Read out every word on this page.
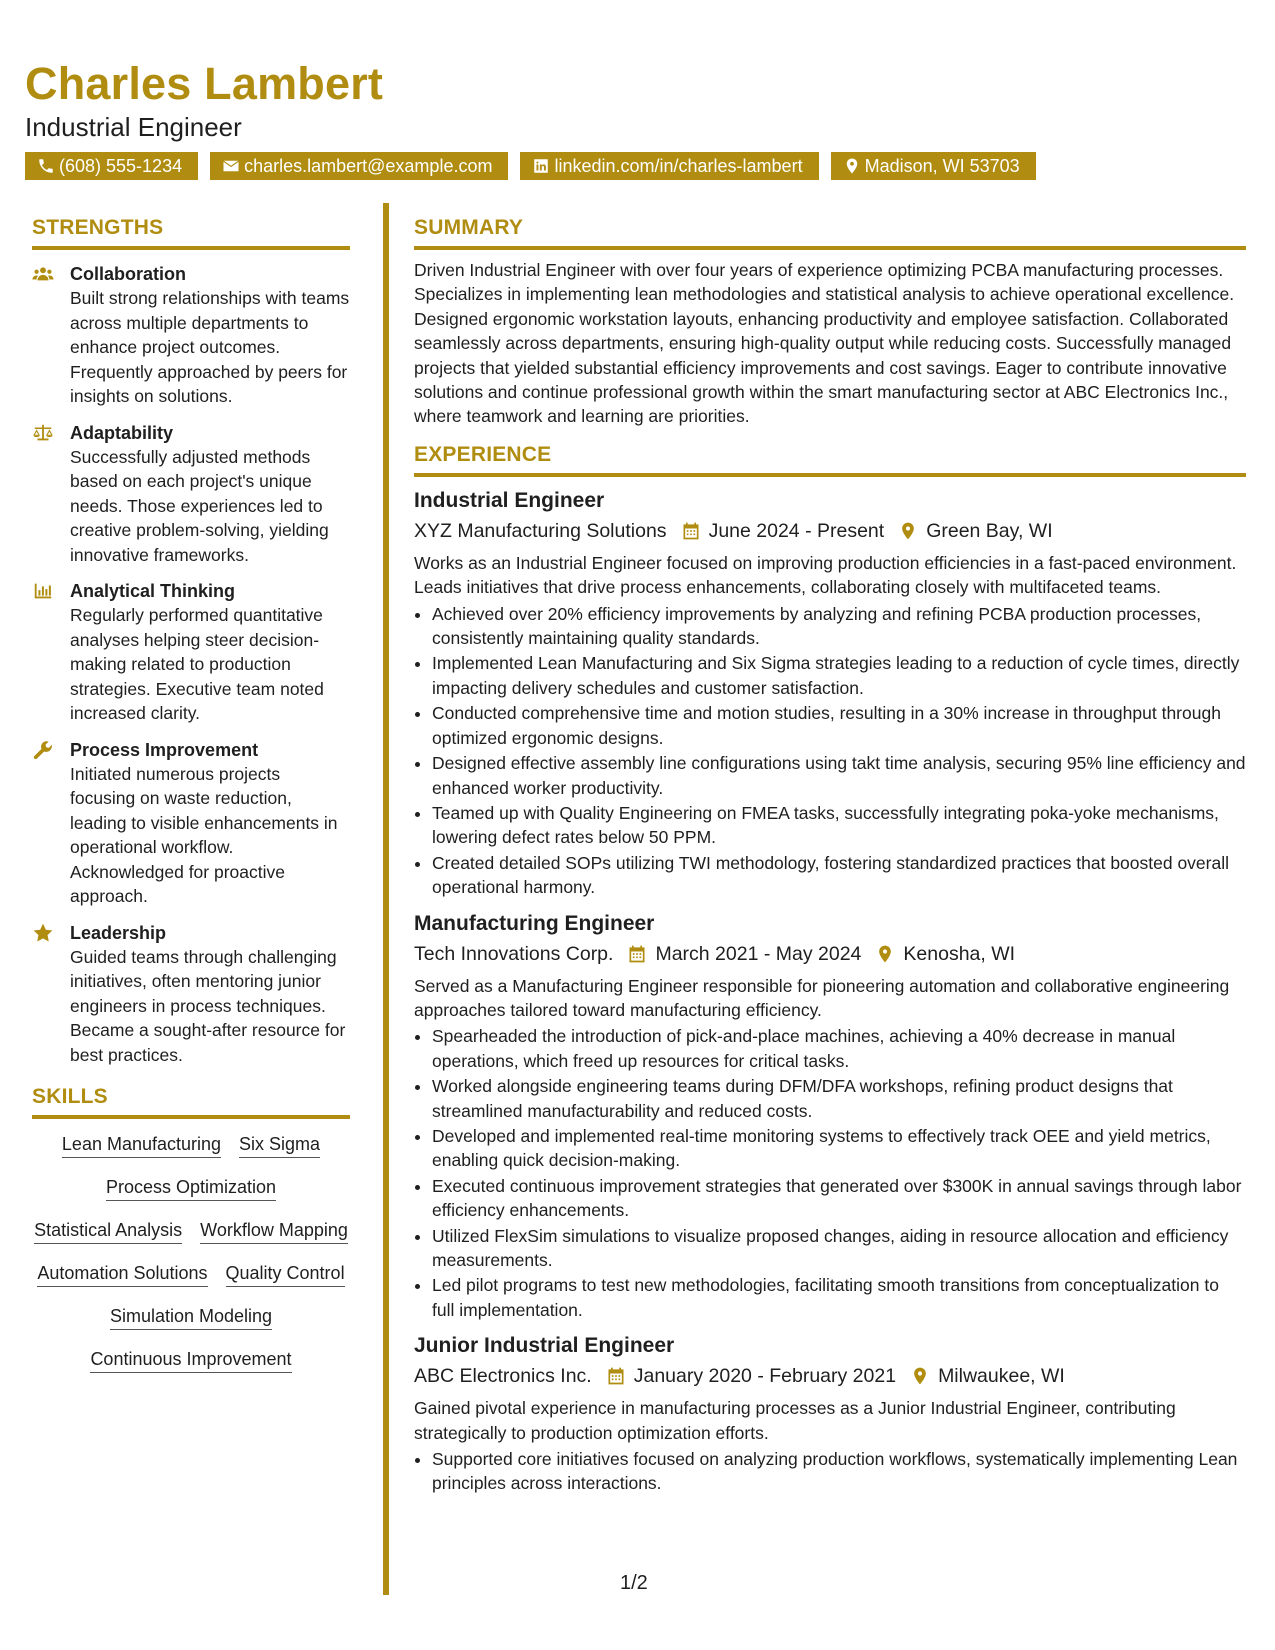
Charles Lambert
Industrial Engineer
(608) 555-1234	charles.lambert@example.com	linkedin.com/in/charles-lambert	Madison, WI 53703
STRENGTHS
Collaboration
Built strong relationships with teams across multiple departments to enhance project outcomes. Frequently approached by peers for insights on solutions.
Adaptability
Successfully adjusted methods based on each project's unique needs. Those experiences led to creative problem-solving, yielding innovative frameworks.
Analytical Thinking
Regularly performed quantitative analyses helping steer decision-making related to production strategies. Executive team noted increased clarity.
Process Improvement
Initiated numerous projects focusing on waste reduction, leading to visible enhancements in operational workflow. Acknowledged for proactive approach.
Leadership
Guided teams through challenging initiatives, often mentoring junior engineers in process techniques. Became a sought-after resource for best practices.
SKILLS
Lean Manufacturing Six Sigma
Process Optimization
Statistical Analysis Workflow Mapping
Automation Solutions Quality Control
Simulation Modeling
Continuous Improvement
SUMMARY
Driven Industrial Engineer with over four years of experience optimizing PCBA manufacturing processes. Specializes in implementing lean methodologies and statistical analysis to achieve operational excellence. Designed ergonomic workstation layouts, enhancing productivity and employee satisfaction. Collaborated seamlessly across departments, ensuring high-quality output while reducing costs. Successfully managed projects that yielded substantial efficiency improvements and cost savings. Eager to contribute innovative solutions and continue professional growth within the smart manufacturing sector at ABC Electronics Inc., where teamwork and learning are priorities.
EXPERIENCE
Industrial Engineer
XYZ Manufacturing Solutions June 2024 - Present Green Bay, WI
Works as an Industrial Engineer focused on improving production efficiencies in a fast-paced environment. Leads initiatives that drive process enhancements, collaborating closely with multifaceted teams.
• Achieved over 20% efficiency improvements by analyzing and refining PCBA production processes, consistently maintaining quality standards.
• Implemented Lean Manufacturing and Six Sigma strategies leading to a reduction of cycle times, directly impacting delivery schedules and customer satisfaction.
• Conducted comprehensive time and motion studies, resulting in a 30% increase in throughput through optimized ergonomic designs.
• Designed effective assembly line configurations using takt time analysis, securing 95% line efficiency and enhanced worker productivity.
• Teamed up with Quality Engineering on FMEA tasks, successfully integrating poka-yoke mechanisms, lowering defect rates below 50 PPM.
• Created detailed SOPs utilizing TWI methodology, fostering standardized practices that boosted overall operational harmony.
Manufacturing Engineer
Tech Innovations Corp. March 2021 - May 2024 Kenosha, WI
Served as a Manufacturing Engineer responsible for pioneering automation and collaborative engineering approaches tailored toward manufacturing efficiency.
• Spearheaded the introduction of pick-and-place machines, achieving a 40% decrease in manual operations, which freed up resources for critical tasks.
• Worked alongside engineering teams during DFM/DFA workshops, refining product designs that streamlined manufacturability and reduced costs.
• Developed and implemented real-time monitoring systems to effectively track OEE and yield metrics, enabling quick decision-making.
• Executed continuous improvement strategies that generated over $300K in annual savings through labor efficiency enhancements.
• Utilized FlexSim simulations to visualize proposed changes, aiding in resource allocation and efficiency measurements.
• Led pilot programs to test new methodologies, facilitating smooth transitions from conceptualization to full implementation.
Junior Industrial Engineer
ABC Electronics Inc. January 2020 - February 2021 Milwaukee, WI
Gained pivotal experience in manufacturing processes as a Junior Industrial Engineer, contributing strategically to production optimization efforts.
• Supported core initiatives focused on analyzing production workflows, systematically implementing Lean principles across interactions.
1/2
